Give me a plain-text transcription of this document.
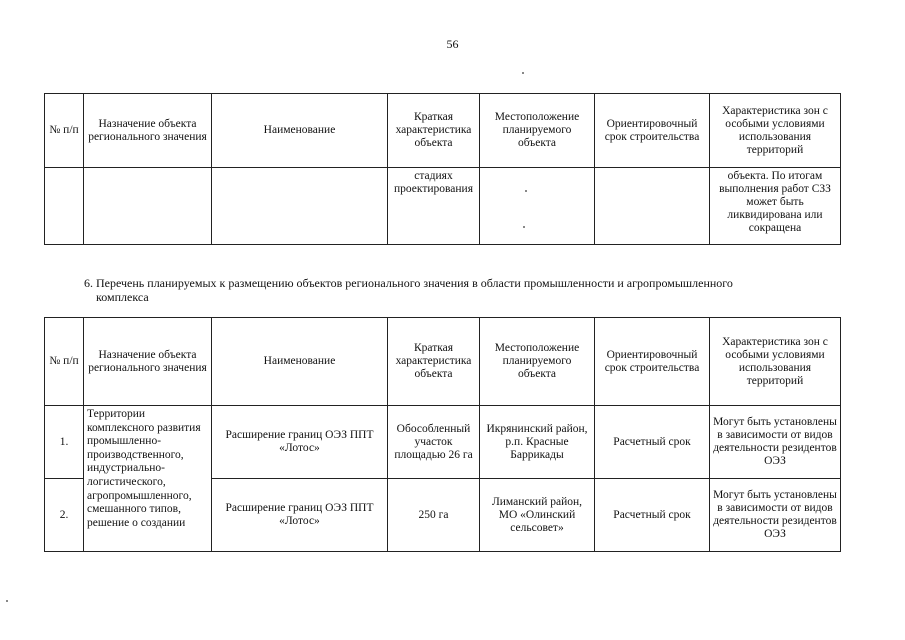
56
№ п/п	Назначение объекта регионального значения	Наименование	Краткая характеристика объекта	Местоположение планируемого объекта	Ориентировочный срок строительства	Характеристика зон с особыми условиями использования территорий
			стадиях проектирования			объекта. По итогам выполнения работ СЗЗ может быть ликвидирована или сокращена
6. Перечень планируемых к размещению объектов регионального значения в области промышленности и агропромышленного
комплекса
№ п/п	Назначение объекта регионального значения	Наименование	Краткая характеристика объекта	Местоположение планируемого объекта	Ориентировочный срок строительства	Характеристика зон с особыми условиями использования территорий
1.	Территории комплексного развития промышленно-производственного, индустриально-логистического, агропромышленного, смешанного типов, решение о создании	Расширение границ ОЭЗ ППТ «Лотос»	Обособленный участок площадью 26 га	Икрянинский район, р.п. Красные Баррикады	Расчетный срок	Могут быть установлены в зависимости от видов деятельности резидентов ОЭЗ
2.		Расширение границ ОЭЗ ППТ «Лотос»	250 га	Лиманский район, МО «Олинский сельсовет»	Расчетный срок	Могут быть установлены в зависимости от видов деятельности резидентов ОЭЗ
